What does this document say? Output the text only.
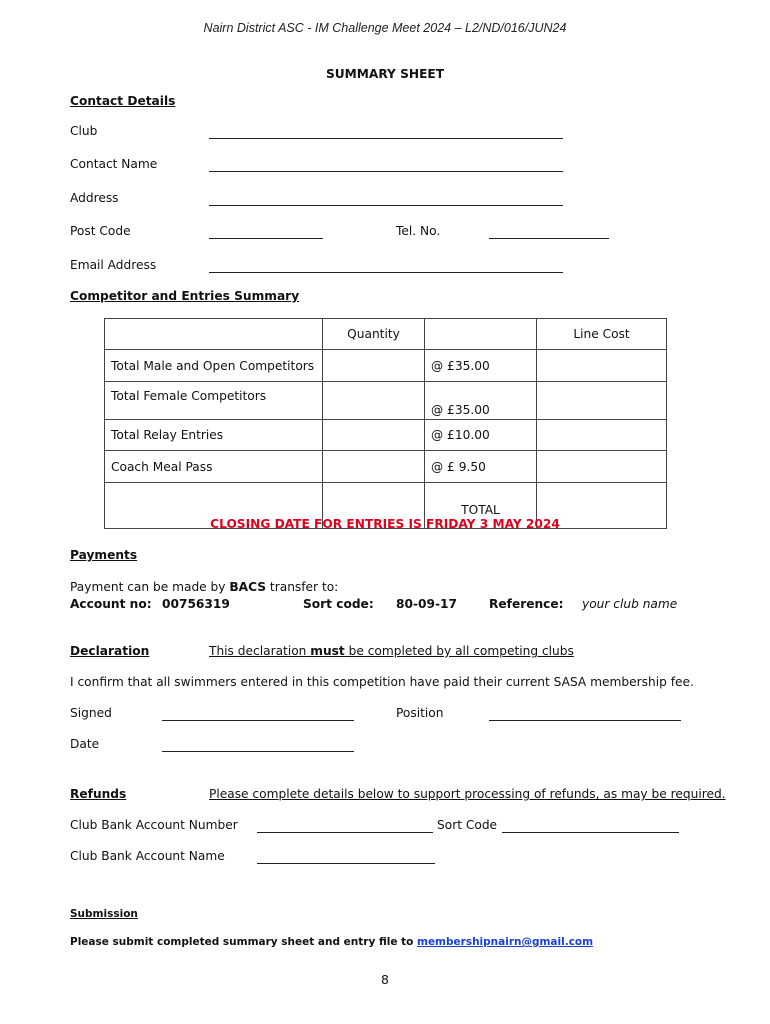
Nairn District ASC - IM Challenge Meet 2024 – L2/ND/016/JUN24
SUMMARY SHEET
Contact Details
Club
Contact Name
Address
Post Code	Tel. No.
Email Address
Competitor and Entries Summary
	Quantity		Line Cost
Total Male and Open Competitors		@ £35.00	
Total Female Competitors		@ £35.00	
Total Relay Entries		@ £10.00	
Coach Meal Pass		@ £ 9.50	
		TOTAL	
CLOSING DATE FOR ENTRIES IS FRIDAY 3 MAY 2024
Payments
Payment can be made by BACS transfer to:
Account no: 00756319	Sort code: 80-09-17	Reference: your club name
Declaration	This declaration must be completed by all competing clubs
I confirm that all swimmers entered in this competition have paid their current SASA membership fee.
Signed	Position
Date
Refunds	Please complete details below to support processing of refunds, as may be required.
Club Bank Account Number	Sort Code
Club Bank Account Name
Submission
Please submit completed summary sheet and entry file to membershipnairn@gmail.com
8
